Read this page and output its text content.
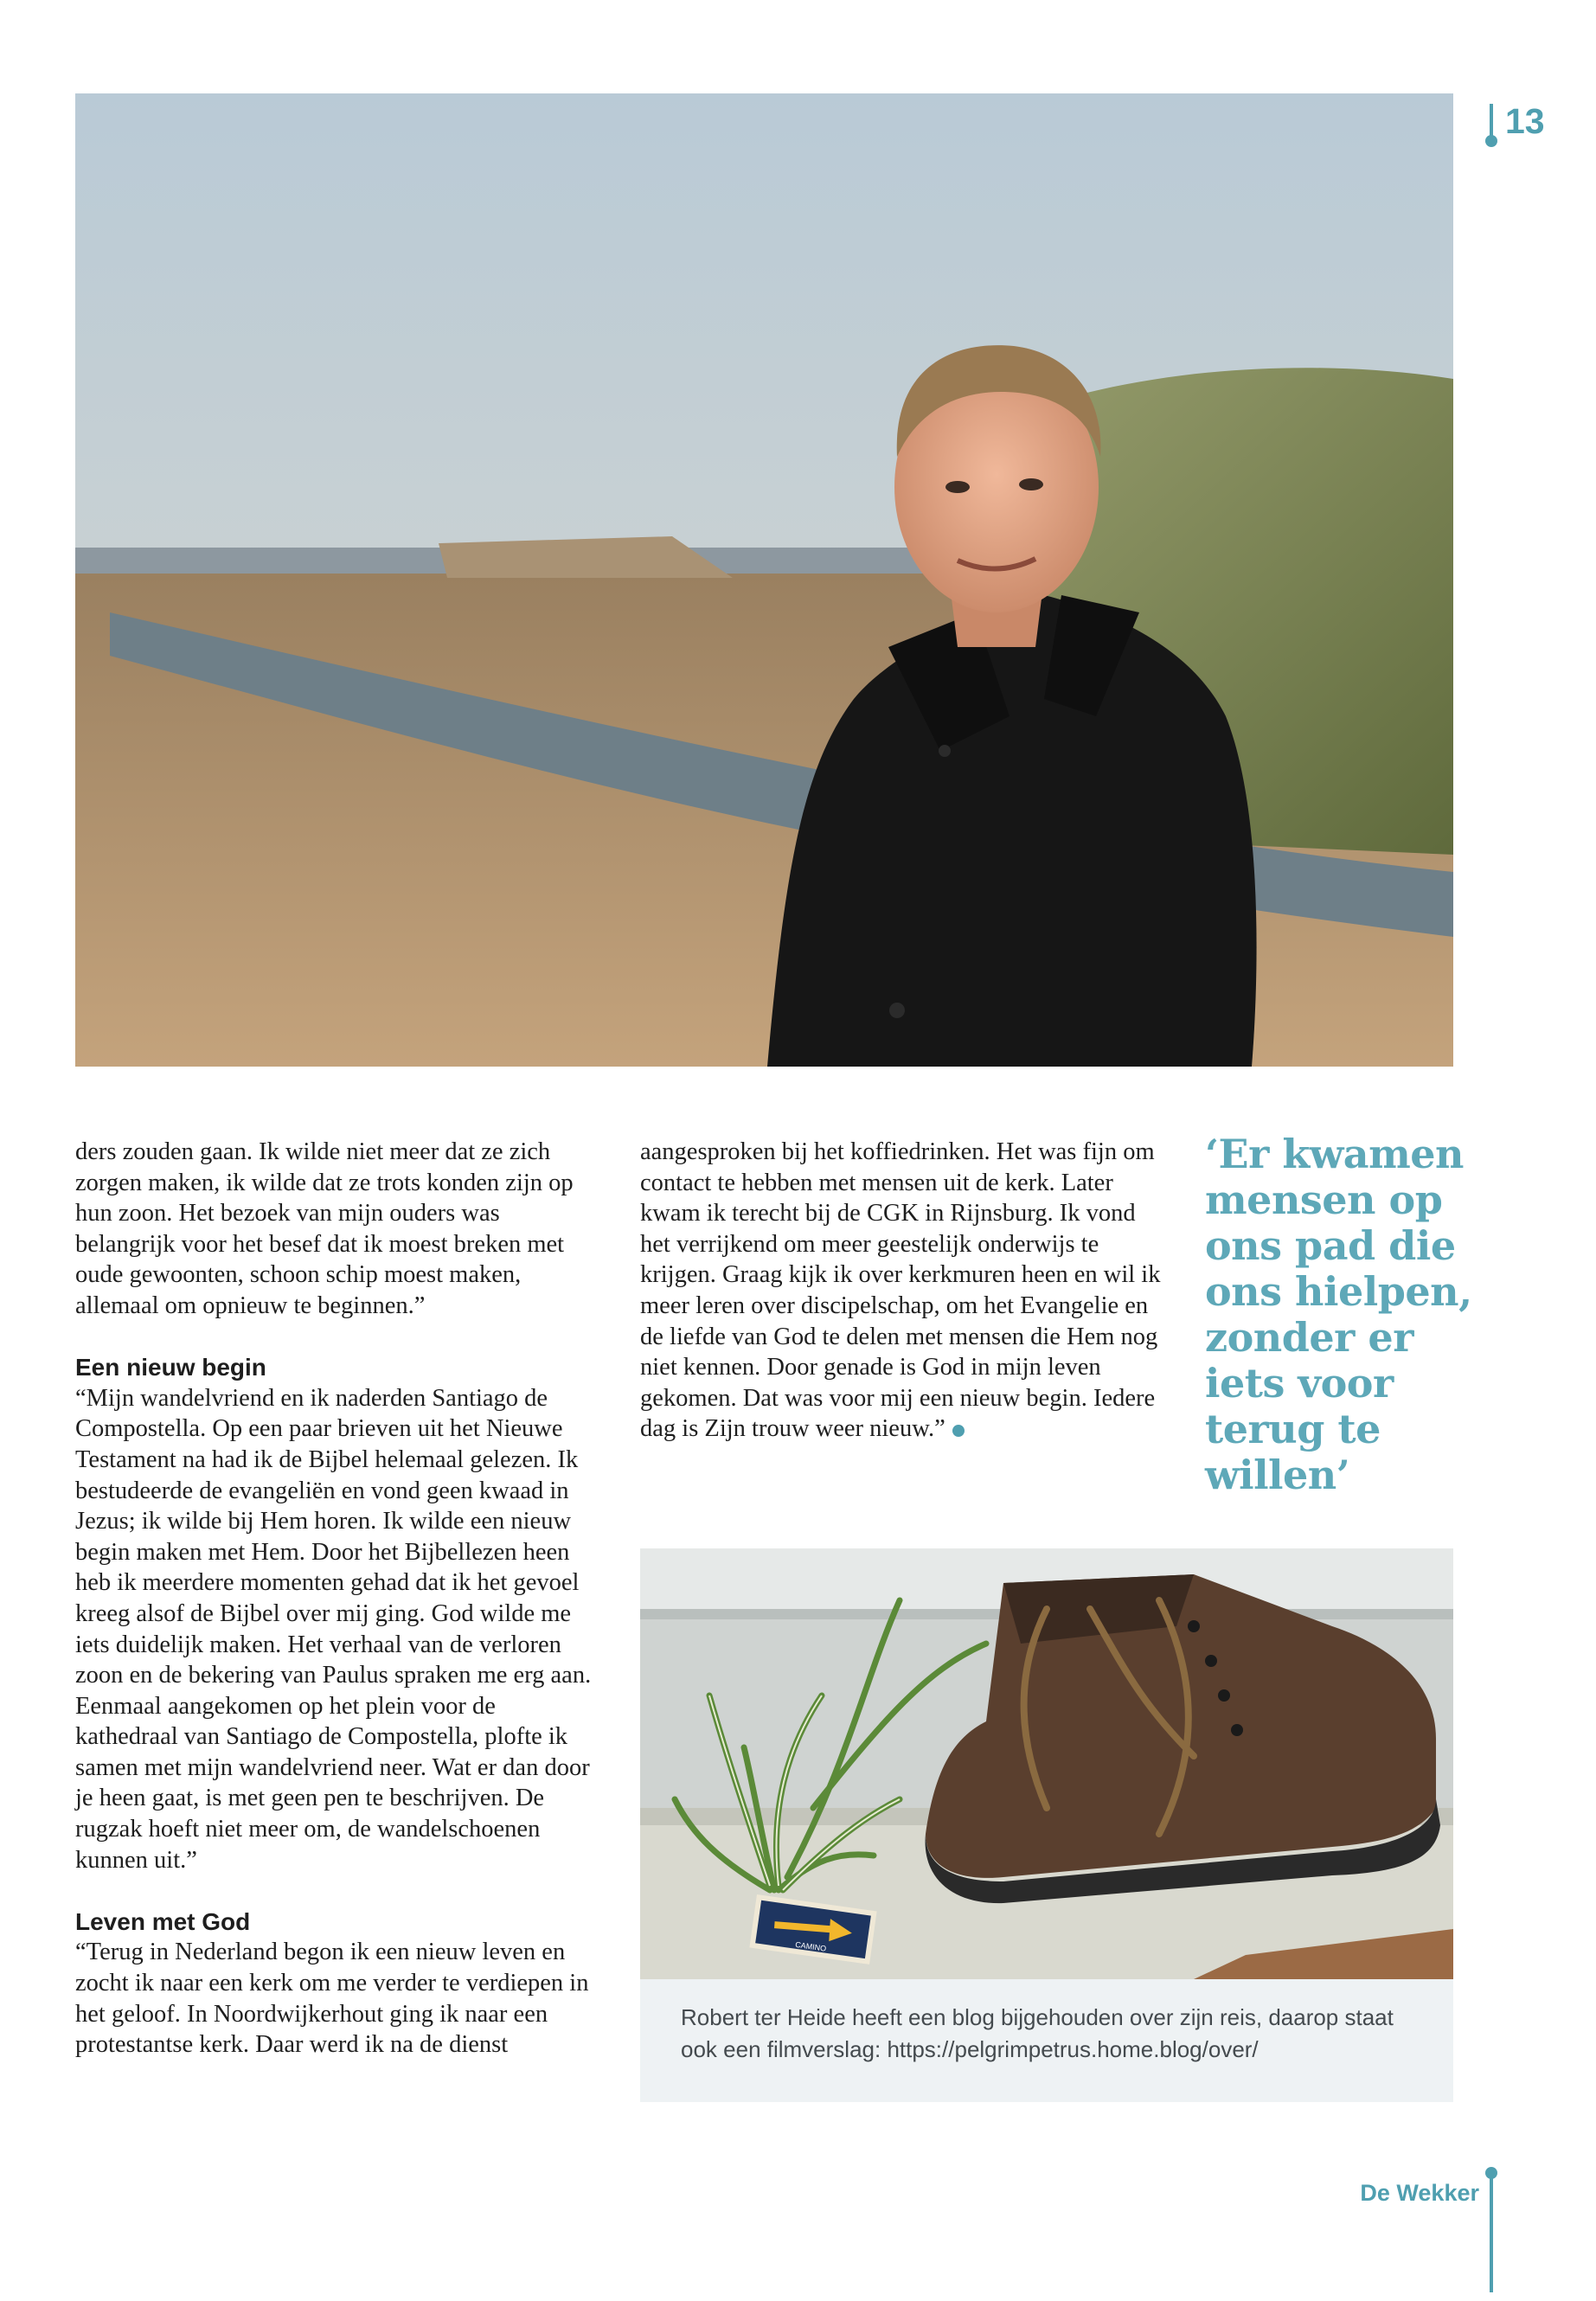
13

ders zouden gaan. Ik wilde niet meer dat ze zich zorgen maken, ik wilde dat ze trots konden zijn op hun zoon. Het bezoek van mijn ouders was belangrijk voor het besef dat ik moest breken met oude gewoonten, schoon schip moest maken, allemaal om opnieuw te beginnen.”

Een nieuw begin

“Mijn wandelvriend en ik naderden Santiago de Compostella. Op een paar brieven uit het Nieuwe Testament na had ik de Bijbel helemaal gelezen. Ik bestudeerde de evangeliën en vond geen kwaad in Jezus; ik wilde bij Hem horen. Ik wilde een nieuw begin maken met Hem. Door het Bijbellezen heen heb ik meerdere momenten gehad dat ik het gevoel kreeg alsof de Bijbel over mij ging. God wilde me iets duidelijk maken. Het verhaal van de verloren zoon en de bekering van Paulus spraken me erg aan. Eenmaal aangekomen op het plein voor de kathedraal van Santiago de Compostella, plofte ik samen met mijn wandelvriend neer. Wat er dan door je heen gaat, is met geen pen te beschrijven. De rugzak hoeft niet meer om, de wandelschoenen kunnen uit.”

Leven met God

“Terug in Nederland begon ik een nieuw leven en zocht ik naar een kerk om me verder te verdiepen in het geloof. In Noordwijkerhout ging ik naar een protestantse kerk. Daar werd ik na de dienst

aangesproken bij het koffiedrinken. Het was fijn om contact te hebben met mensen uit de kerk. Later kwam ik terecht bij de CGK in Rijnsburg. Ik vond het verrijkend om meer geestelijk onderwijs te krijgen. Graag kijk ik over kerkmuren heen en wil ik meer leren over discipelschap, om het Evangelie en de liefde van God te delen met mensen die Hem nog niet kennen. Door genade is God in mijn leven gekomen. Dat was voor mij een nieuw begin. Iedere dag is Zijn trouw weer nieuw.”

‘Er kwamen mensen op ons pad die ons hielpen, zonder er iets voor terug te willen’
CAMINO
Robert ter Heide heeft een blog bijgehouden over zijn reis, daarop staat ook een filmverslag: https://pelgrimpetrus.home.blog/over/
De Wekker
